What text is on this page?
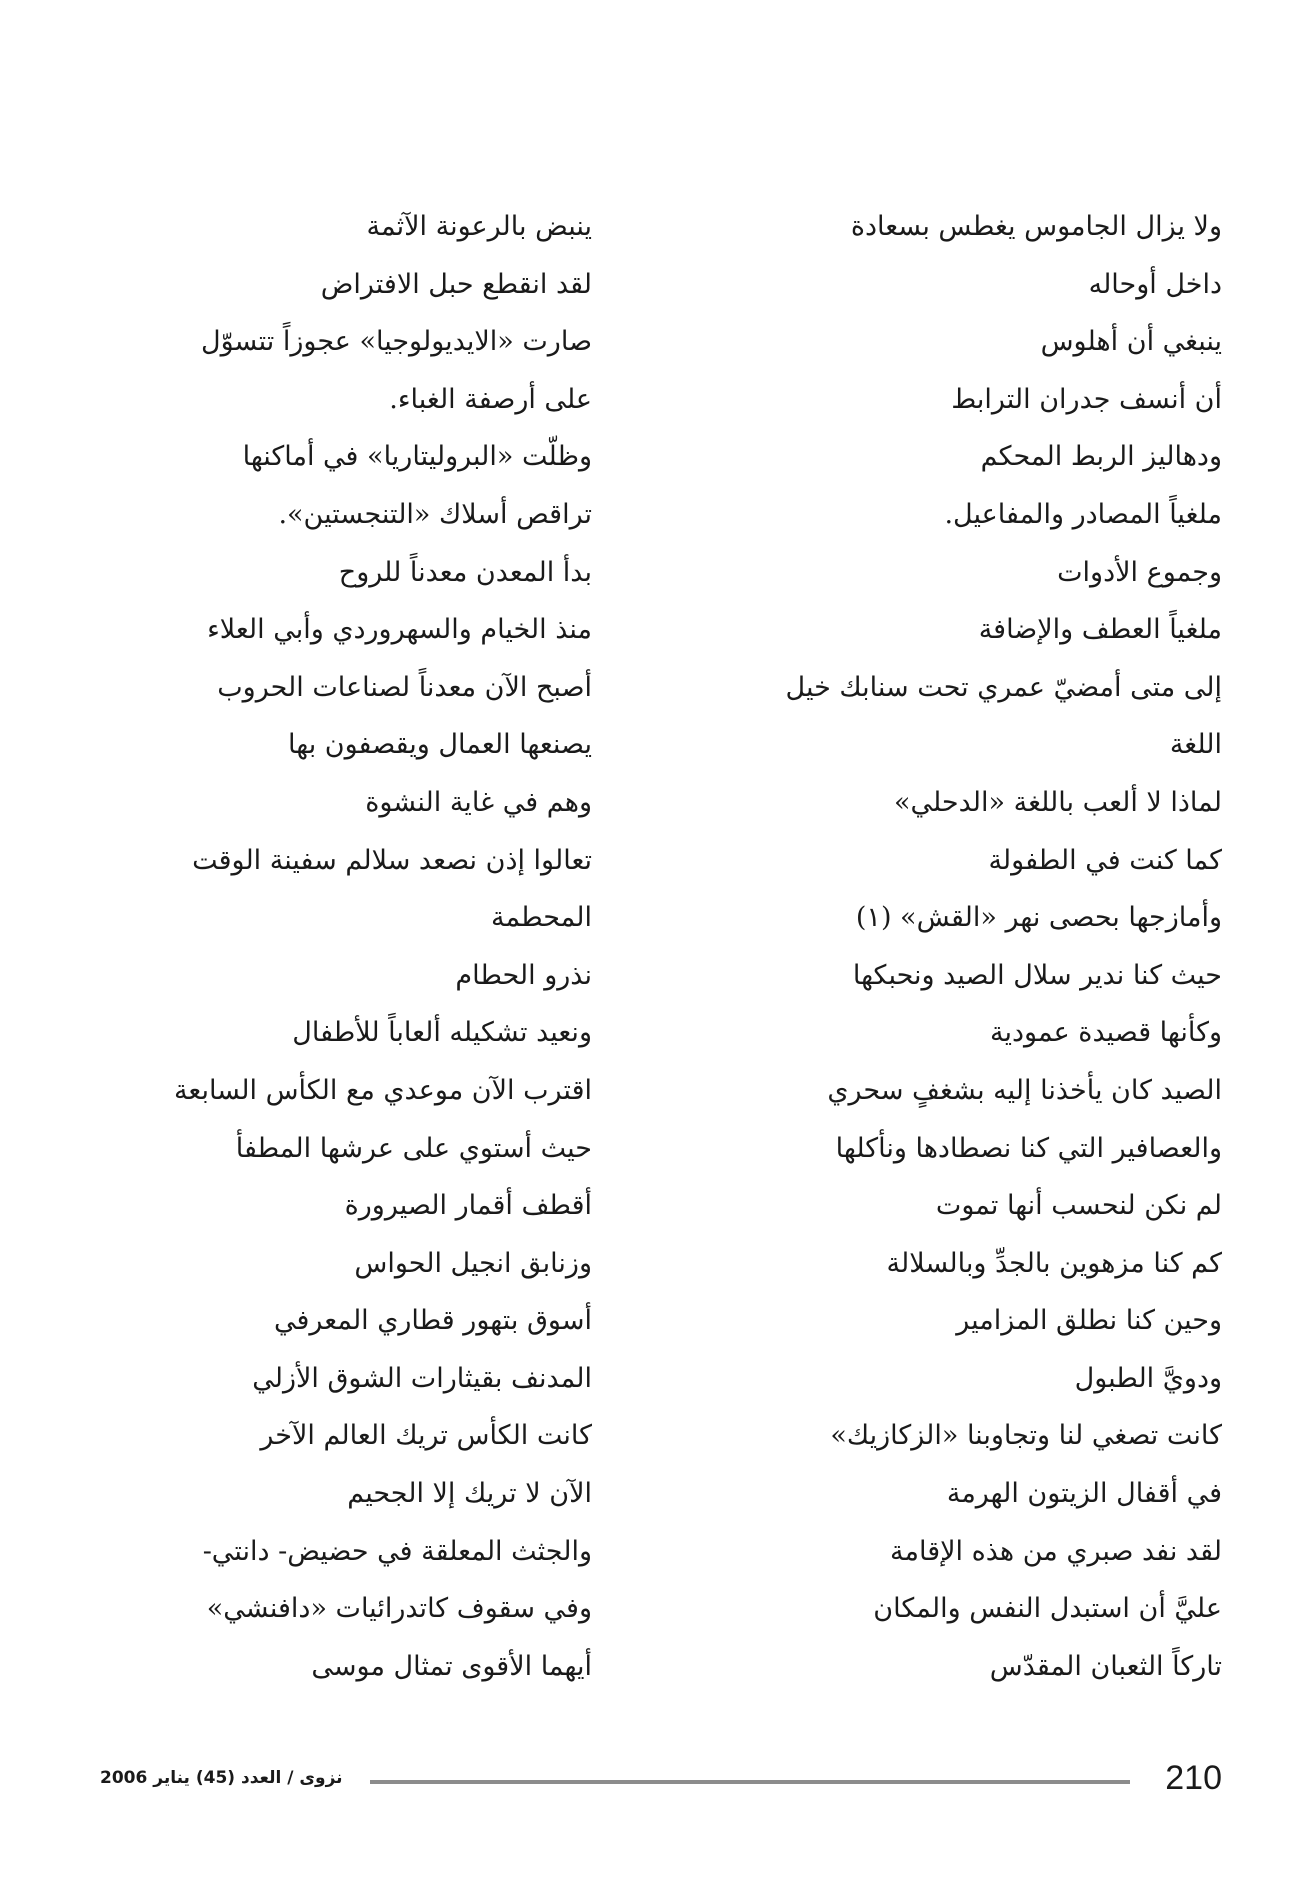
ولا يزال الجاموس يغطس بسعادة
داخل أوحاله
ينبغي أن أهلوس
أن أنسف جدران الترابط
ودهاليز الربط المحكم
ملغياً المصادر والمفاعيل.
وجموع الأدوات
ملغياً العطف والإضافة
إلى متى أمضيّ عمري تحت سنابك خيل
اللغة
لماذا لا ألعب باللغة «الدحلي»
كما كنت في الطفولة
وأمازجها بحصى نهر «القش» (١)
حيث كنا ندير سلال الصيد ونحبكها
وكأنها قصيدة عمودية
الصيد كان يأخذنا إليه بشغفٍ سحري
والعصافير التي كنا نصطادها ونأكلها
لم نكن لنحسب أنها تموت
كم كنا مزهوين بالجدِّ وبالسلالة
وحين كنا نطلق المزامير
ودويَّ الطبول
كانت تصغي لنا وتجاوبنا «الزكازيك»
في أقفال الزيتون الهرمة
لقد نفد صبري من هذه الإقامة
عليَّ أن استبدل النفس والمكان
تاركاً الثعبان المقدّس
ينبض بالرعونة الآثمة
لقد انقطع حبل الافتراض
صارت «الايديولوجيا» عجوزاً تتسوّل
على أرصفة الغباء.
وظلّت «البروليتاريا» في أماكنها
تراقص أسلاك «التنجستين».
بدأ المعدن معدناً للروح
منذ الخيام والسهروردي وأبي العلاء
أصبح الآن معدناً لصناعات الحروب
يصنعها العمال ويقصفون بها
وهم في غاية النشوة
تعالوا إذن نصعد سلالم سفينة الوقت
المحطمة
نذرو الحطام
ونعيد تشكيله ألعاباً للأطفال
اقترب الآن موعدي مع الكأس السابعة
حيث أستوي على عرشها المطفأ
أقطف أقمار الصيرورة
وزنابق انجيل الحواس
أسوق بتهور قطاري المعرفي
المدنف بقيثارات الشوق الأزلي
كانت الكأس تريك العالم الآخر
الآن لا تريك إلا الجحيم
والجثث المعلقة في حضيض- دانتي-
وفي سقوف كاتدرائيات «دافنشي»
أيهما الأقوى تمثال موسى
210
نزوى / العدد (45) يناير 2006
